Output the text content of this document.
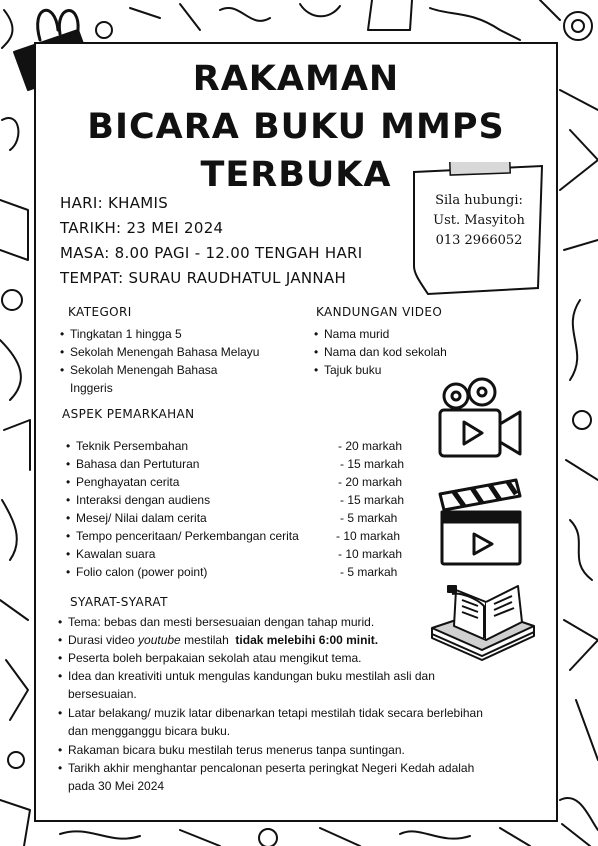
RAKAMAN
BICARA BUKU MMPS
TERBUKA
HARI: KHAMIS
TARIKH: 23 MEI 2024
MASA: 8.00 PAGI - 12.00 TENGAH HARI
TEMPAT: SURAU RAUDHATUL JANNAH
Sila hubungi:
Ust. Masyitoh
013 2966052
KATEGORI
• Tingkatan 1 hingga 5
• Sekolah Menengah Bahasa Melayu
• Sekolah Menengah Bahasa
Inggeris
KANDUNGAN VIDEO
• Nama murid
• Nama dan kod sekolah
• Tajuk buku
ASPEK PEMARKAHAN
• Teknik Persembahan	- 20 markah
• Bahasa dan Pertuturan	- 15 markah
• Penghayatan cerita	- 20 markah
• Interaksi dengan audiens	- 15 markah
• Mesej/ Nilai dalam cerita	- 5 markah
• Tempo penceritaan/ Perkembangan cerita	- 10 markah
• Kawalan suara	- 10 markah
• Folio calon (power point)	- 5 markah
SYARAT-SYARAT
• Tema: bebas dan mesti bersesuaian dengan tahap murid.
• Durasi video youtube mestilah  tidak melebihi 6:00 minit.
• Peserta boleh berpakaian sekolah atau mengikut tema.
• Idea dan kreativiti untuk mengulas kandungan buku mestilah asli dan
bersesuaian.
• Latar belakang/ muzik latar dibenarkan tetapi mestilah tidak secara berlebihan
dan mengganggu bicara buku.
• Rakaman bicara buku mestilah terus menerus tanpa suntingan.
• Tarikh akhir menghantar pencalonan peserta peringkat Negeri Kedah adalah
pada 30 Mei 2024
